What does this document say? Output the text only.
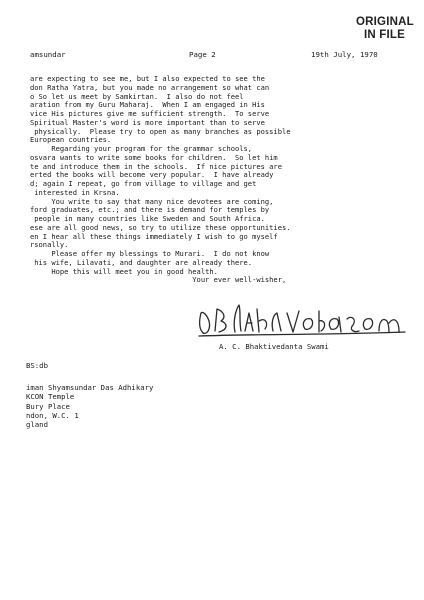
ORIGINAL
IN FILE
amsundar	Page 2	19th July, 1970
are expecting to see me, but I also expected to see the
don Ratha Yatra, but you made no arrangement so what can
o So let us meet by Samkirtan.  I also do not feel
aration from my Guru Maharaj.  When I am engaged in His
vice His pictures give me sufficient strength.  To serve
Spiritual Master's word is more important than to serve
physically.  Please try to open as many branches as possible
European countries.
Regarding your program for the grammar schools,
osvara wants to write some books for children.  So let him
te and introduce them in the schools.  If nice pictures are
erted the books will become very popular.  I have already
d; again I repeat, go from village to village and get
interested in Krsna.
You write to say that many nice devotees are coming,
ford graduates, etc.; and there is demand for temples by
people in many countries like Sweden and South Africa.
ese are all good news, so try to utilize these opportunities.
en I hear all these things immediately I wish to go myself
rsonally.
Please offer my blessings to Murari.  I do not know
his wife, Lilavati, and daughter are already there.
Hope this will meet you in good health.
Your ever well-wisher,
A. C. Bhaktivedanta Swami
BS:db
iman Shyamsundar Das Adhikary
KCON Temple
Bury Place
ndon, W.C. 1
gland
